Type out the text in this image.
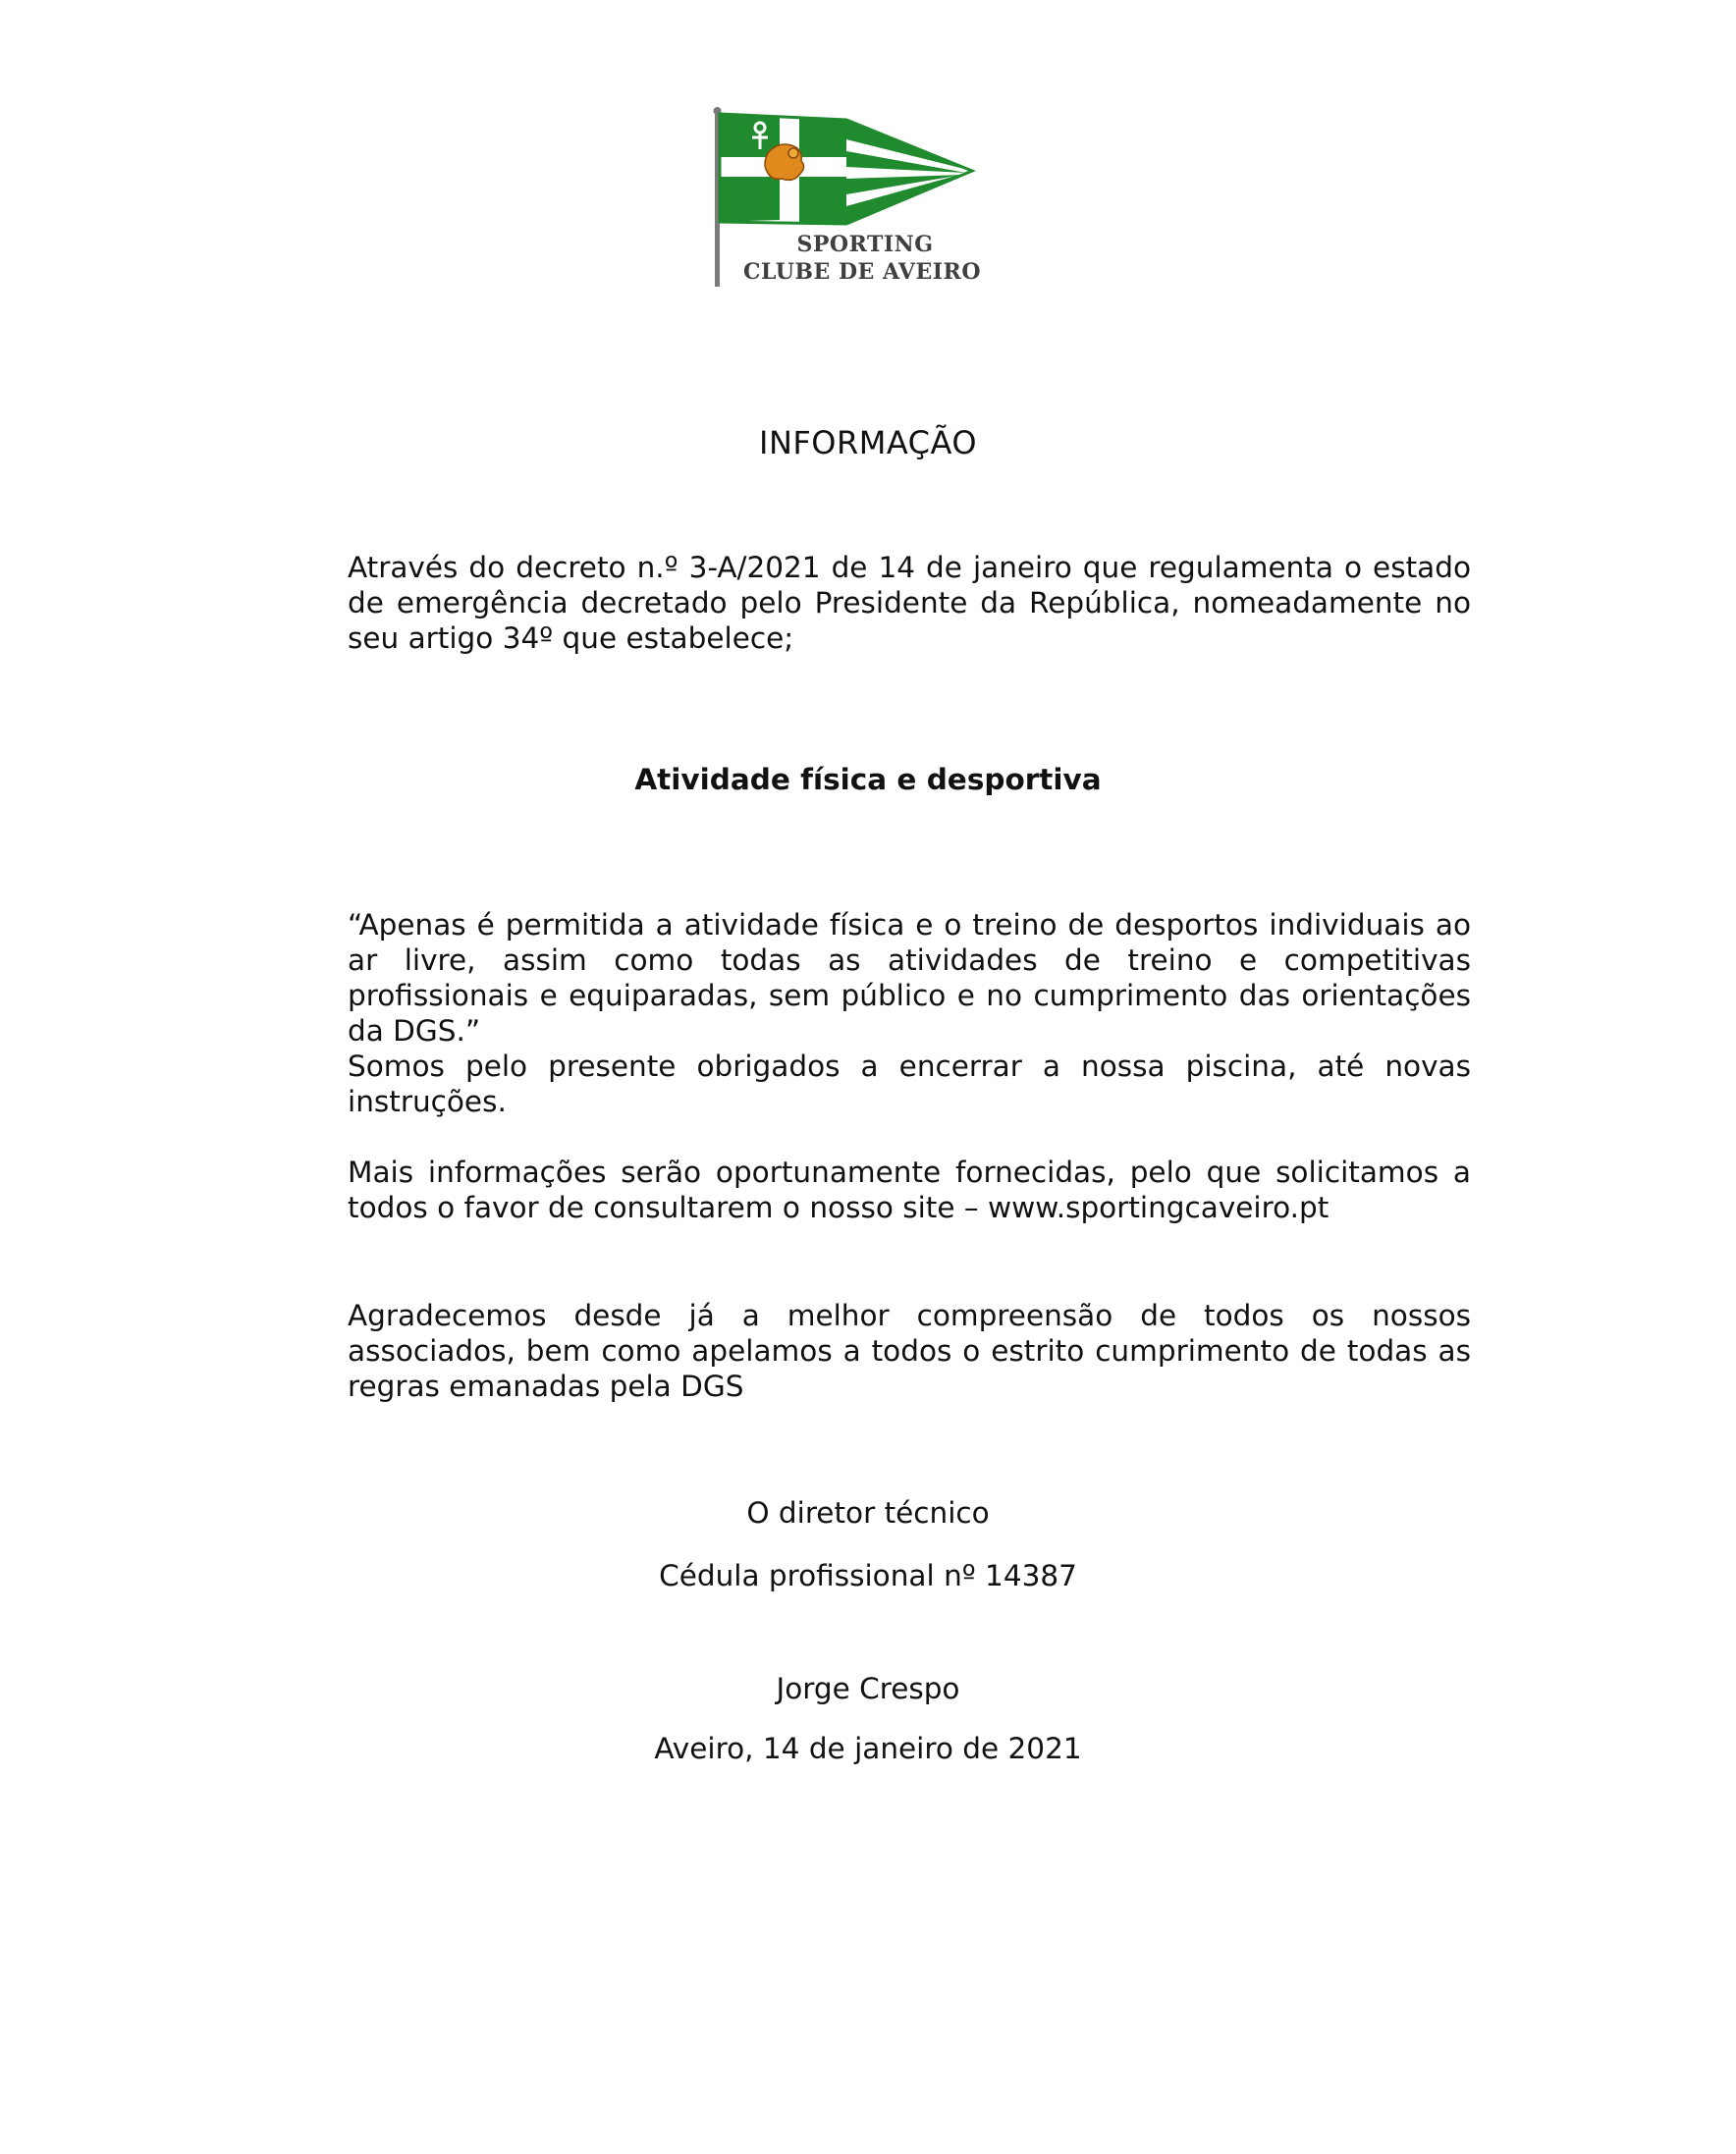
SPORTING
CLUBE DE AVEIRO
INFORMAÇÃO
Através do decreto n.º 3-A/2021 de 14 de janeiro que regulamenta o estado de emergência decretado pelo Presidente da República, nomeadamente no seu artigo 34º que estabelece;
Atividade física e desportiva
“Apenas é permitida a atividade física e o treino de desportos individuais ao ar livre, assim como todas as atividades de treino e competitivas profissionais e equiparadas, sem público e no cumprimento das orientações da DGS.”
Somos pelo presente obrigados a encerrar a nossa piscina, até novas instruções.
Mais informações serão oportunamente fornecidas, pelo que solicitamos a todos o favor de consultarem o nosso site – www.sportingcaveiro.pt
Agradecemos desde já a melhor compreensão de todos os nossos associados, bem como apelamos a todos o estrito cumprimento de todas as regras emanadas pela DGS
O diretor técnico
Cédula profissional nº 14387
Jorge Crespo
Aveiro, 14 de janeiro de 2021
